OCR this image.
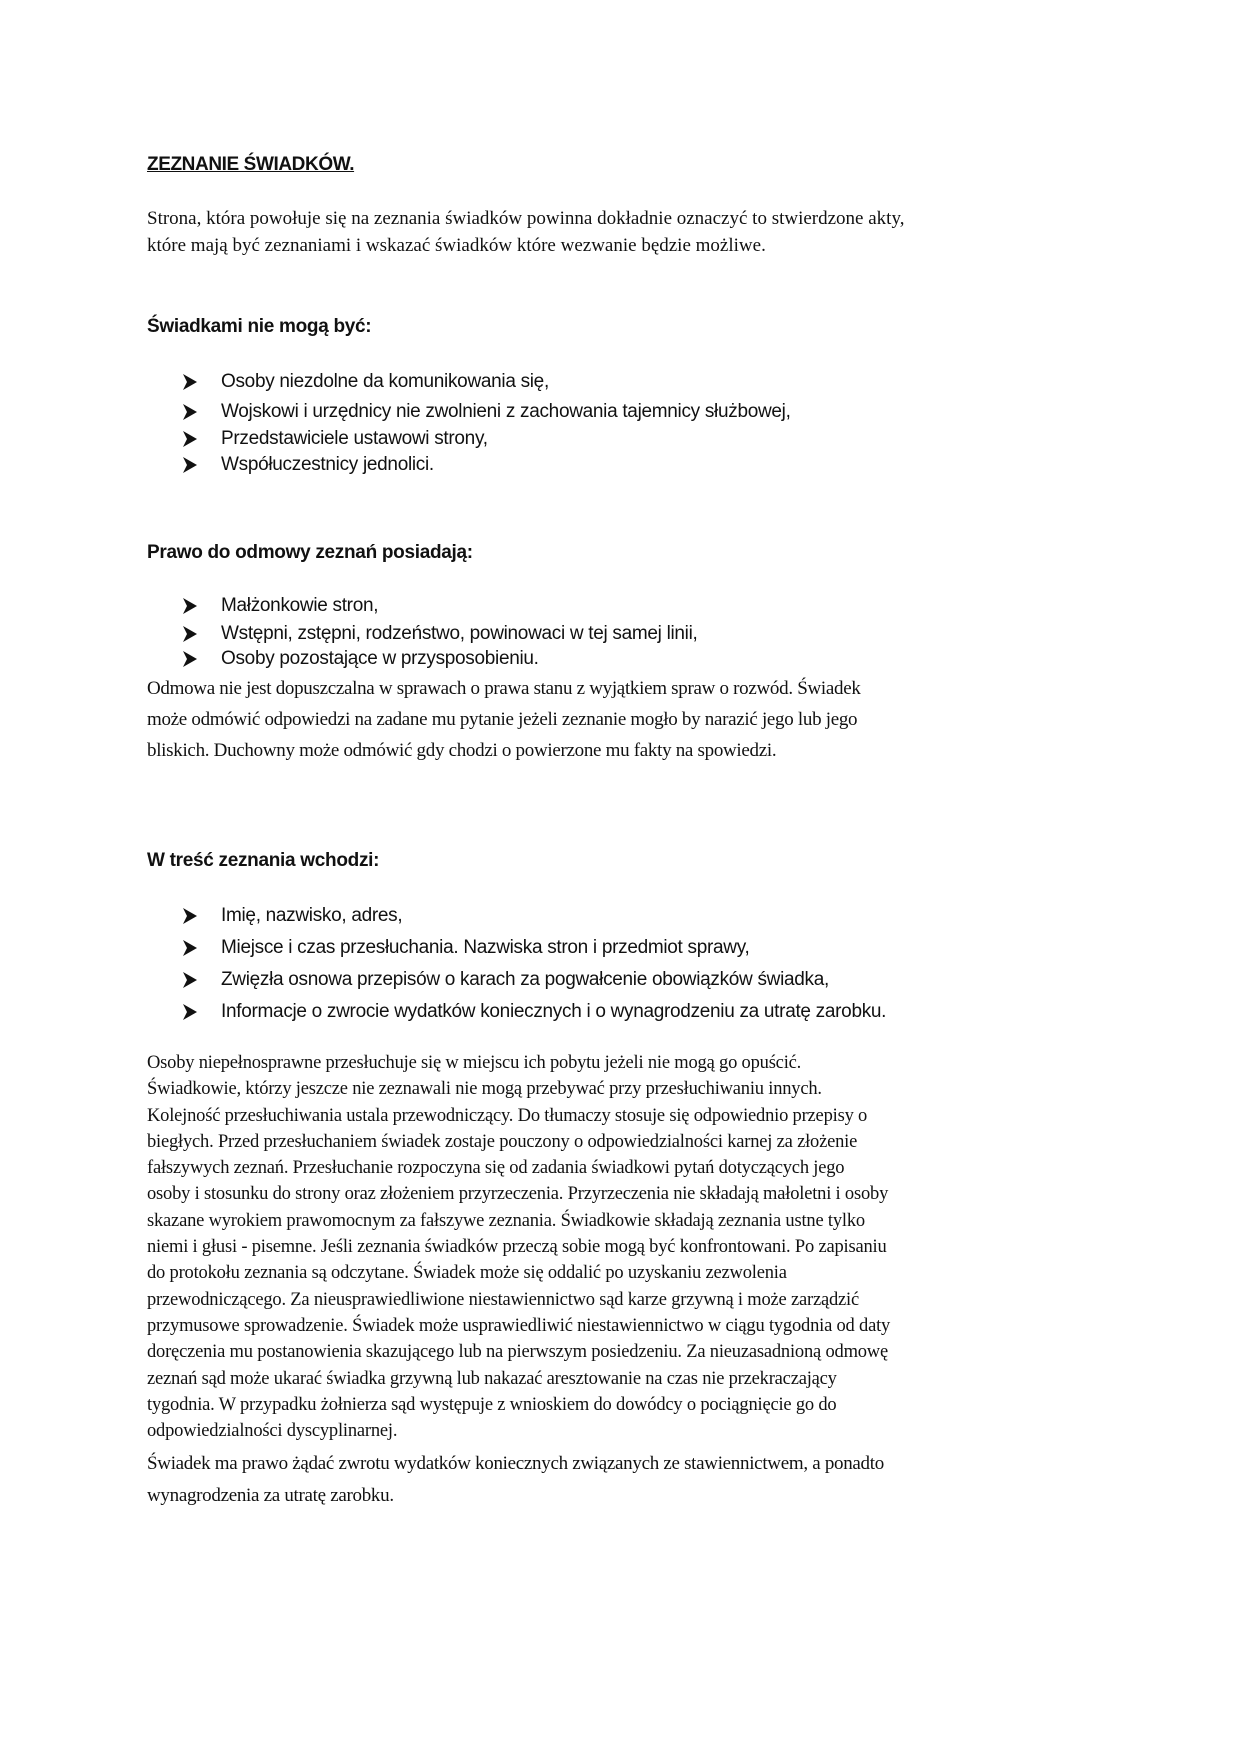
ZEZNANIE ŚWIADKÓW.
Strona, która powołuje się na zeznania świadków powinna dokładnie oznaczyć to stwierdzone akty,
które mają być zeznaniami i wskazać świadków które wezwanie będzie możliwe.
Świadkami nie mogą być:
Osoby niezdolne da komunikowania się,
Wojskowi i urzędnicy nie zwolnieni z zachowania tajemnicy służbowej,
Przedstawiciele ustawowi strony,
Współuczestnicy jednolici.
Prawo do odmowy zeznań posiadają:
Małżonkowie stron,
Wstępni, zstępni, rodzeństwo, powinowaci w tej samej linii,
Osoby pozostające w przysposobieniu.
Odmowa nie jest dopuszczalna w sprawach o prawa stanu z wyjątkiem spraw o rozwód. Świadek
może odmówić odpowiedzi na zadane mu pytanie jeżeli zeznanie mogło by narazić jego lub jego
bliskich. Duchowny może odmówić gdy chodzi o powierzone mu fakty na spowiedzi.
W treść zeznania wchodzi:
Imię, nazwisko, adres,
Miejsce i czas przesłuchania. Nazwiska stron i przedmiot sprawy,
Zwięzła osnowa przepisów o karach za pogwałcenie obowiązków świadka,
Informacje o zwrocie wydatków koniecznych i o wynagrodzeniu za utratę zarobku.
Osoby niepełnosprawne przesłuchuje się w miejscu ich pobytu jeżeli nie mogą go opuścić.
Świadkowie, którzy jeszcze nie zeznawali nie mogą przebywać przy przesłuchiwaniu innych.
Kolejność przesłuchiwania ustala przewodniczący. Do tłumaczy stosuje się odpowiednio przepisy o
biegłych. Przed przesłuchaniem świadek zostaje pouczony o odpowiedzialności karnej za złożenie
fałszywych zeznań. Przesłuchanie rozpoczyna się od zadania świadkowi pytań dotyczących jego
osoby i stosunku do strony oraz złożeniem przyrzeczenia. Przyrzeczenia nie składają małoletni i osoby
skazane wyrokiem prawomocnym za fałszywe zeznania. Świadkowie składają zeznania ustne tylko
niemi i głusi - pisemne. Jeśli zeznania świadków przeczą sobie mogą być konfrontowani. Po zapisaniu
do protokołu zeznania są odczytane. Świadek może się oddalić po uzyskaniu zezwolenia
przewodniczącego. Za nieusprawiedliwione niestawiennictwo sąd karze grzywną i może zarządzić
przymusowe sprowadzenie. Świadek może usprawiedliwić niestawiennictwo w ciągu tygodnia od daty
doręczenia mu postanowienia skazującego lub na pierwszym posiedzeniu. Za nieuzasadnioną odmowę
zeznań sąd może ukarać świadka grzywną lub nakazać aresztowanie na czas nie przekraczający
tygodnia. W przypadku żołnierza sąd występuje z wnioskiem do dowódcy o pociągnięcie go do
odpowiedzialności dyscyplinarnej.
Świadek ma prawo żądać zwrotu wydatków koniecznych związanych ze stawiennictwem, a ponadto
wynagrodzenia za utratę zarobku.
